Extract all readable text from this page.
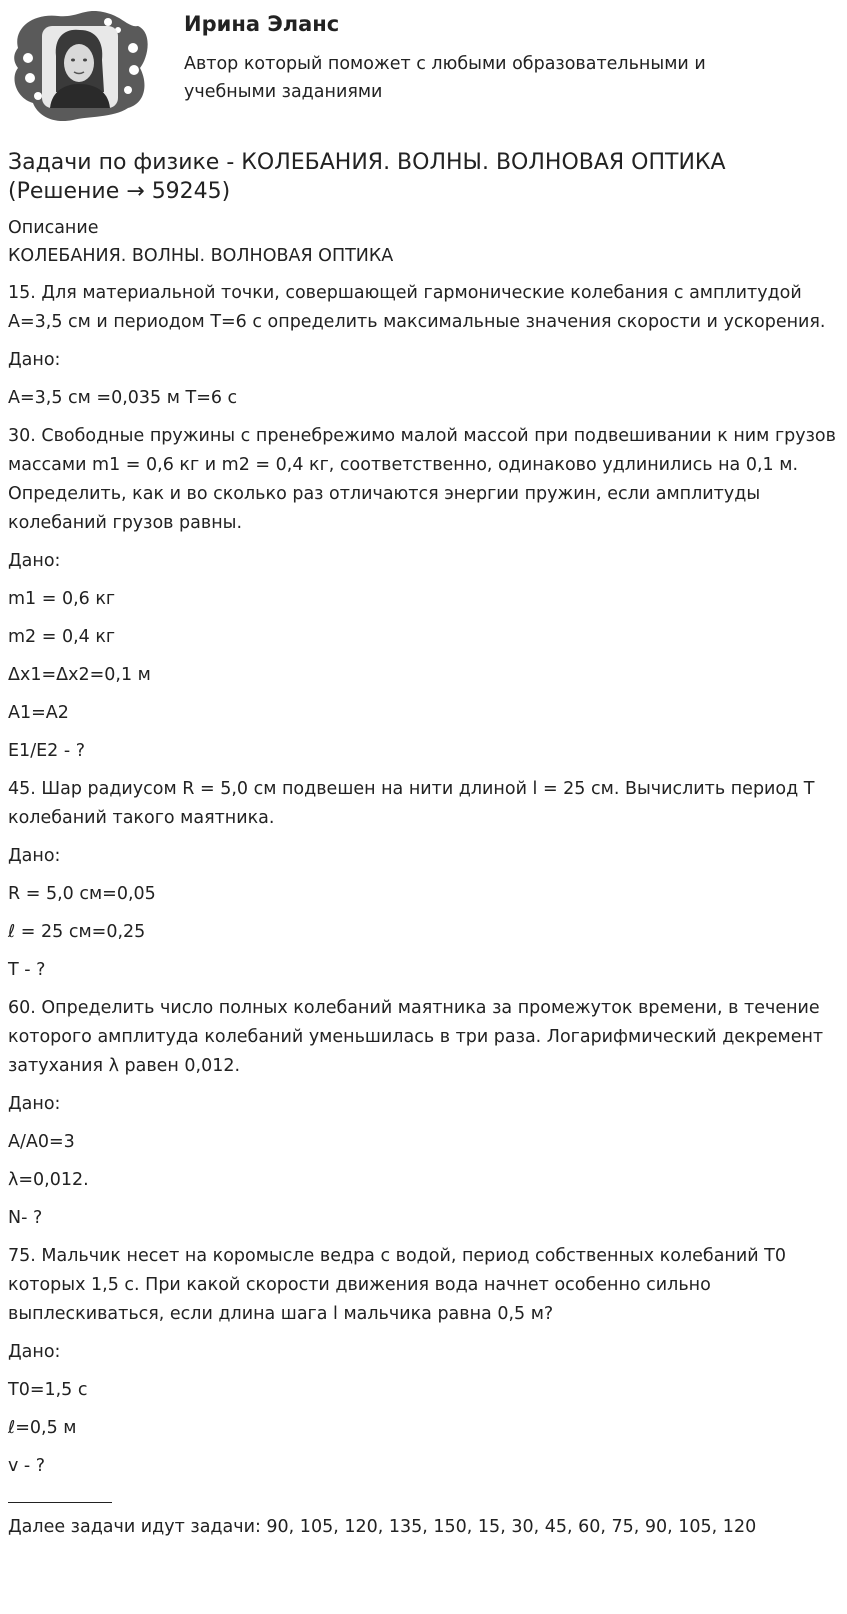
Ирина Эланс
Автор который поможет с любыми образовательными и учебными заданиями
Задачи по физике - КОЛЕБАНИЯ. ВОЛНЫ. ВОЛНОВАЯ ОПТИКА (Решение → 59245)
Описание
КОЛЕБАНИЯ. ВОЛНЫ. ВОЛНОВАЯ ОПТИКА

15. Для материальной точки, совершающей гармонические колебания с амплитудой А=3,5 см и периодом Т=6 с определить максимальные значения скорости и ускорения.

Дано:

А=3,5 см =0,035 м Т=6 с

30. Свободные пружины с пренебрежимо малой массой при подвешивании к ним грузов массами m1 = 0,6 кг и m2 = 0,4 кг, соответственно, одинаково удлинились на 0,1 м. Определить, как и во сколько раз отличаются энергии пружин, если амплитуды колебаний грузов равны.

Дано:

m1 = 0,6 кг

m2 = 0,4 кг

Δx1=Δx2=0,1 м

A1=A2

E1/E2 - ?

45. Шар радиусом R = 5,0 см подвешен на нити длиной l = 25 см. Вычислить период Т колебаний такого маятника.

Дано:

R = 5,0 см=0,05

ℓ = 25 см=0,25

T - ?

60. Определить число полных колебаний маятника за промежуток времени, в течение которого амплитуда колебаний уменьшилась в три раза. Логарифмический декремент затухания λ равен 0,012.

Дано:

А/А0=3

λ=0,012.

N- ?

75. Мальчик несет на коромысле ведра с водой, период собственных колебаний Т0 которых 1,5 с. При какой скорости движения вода начнет особенно сильно выплескиваться, если длина шага l мальчика равна 0,5 м?

Дано:

T0=1,5 с

ℓ=0,5 м

v - ?

Далее задачи идут задачи: 90, 105, 120, 135, 150, 15, 30, 45, 60, 75, 90, 105, 120
